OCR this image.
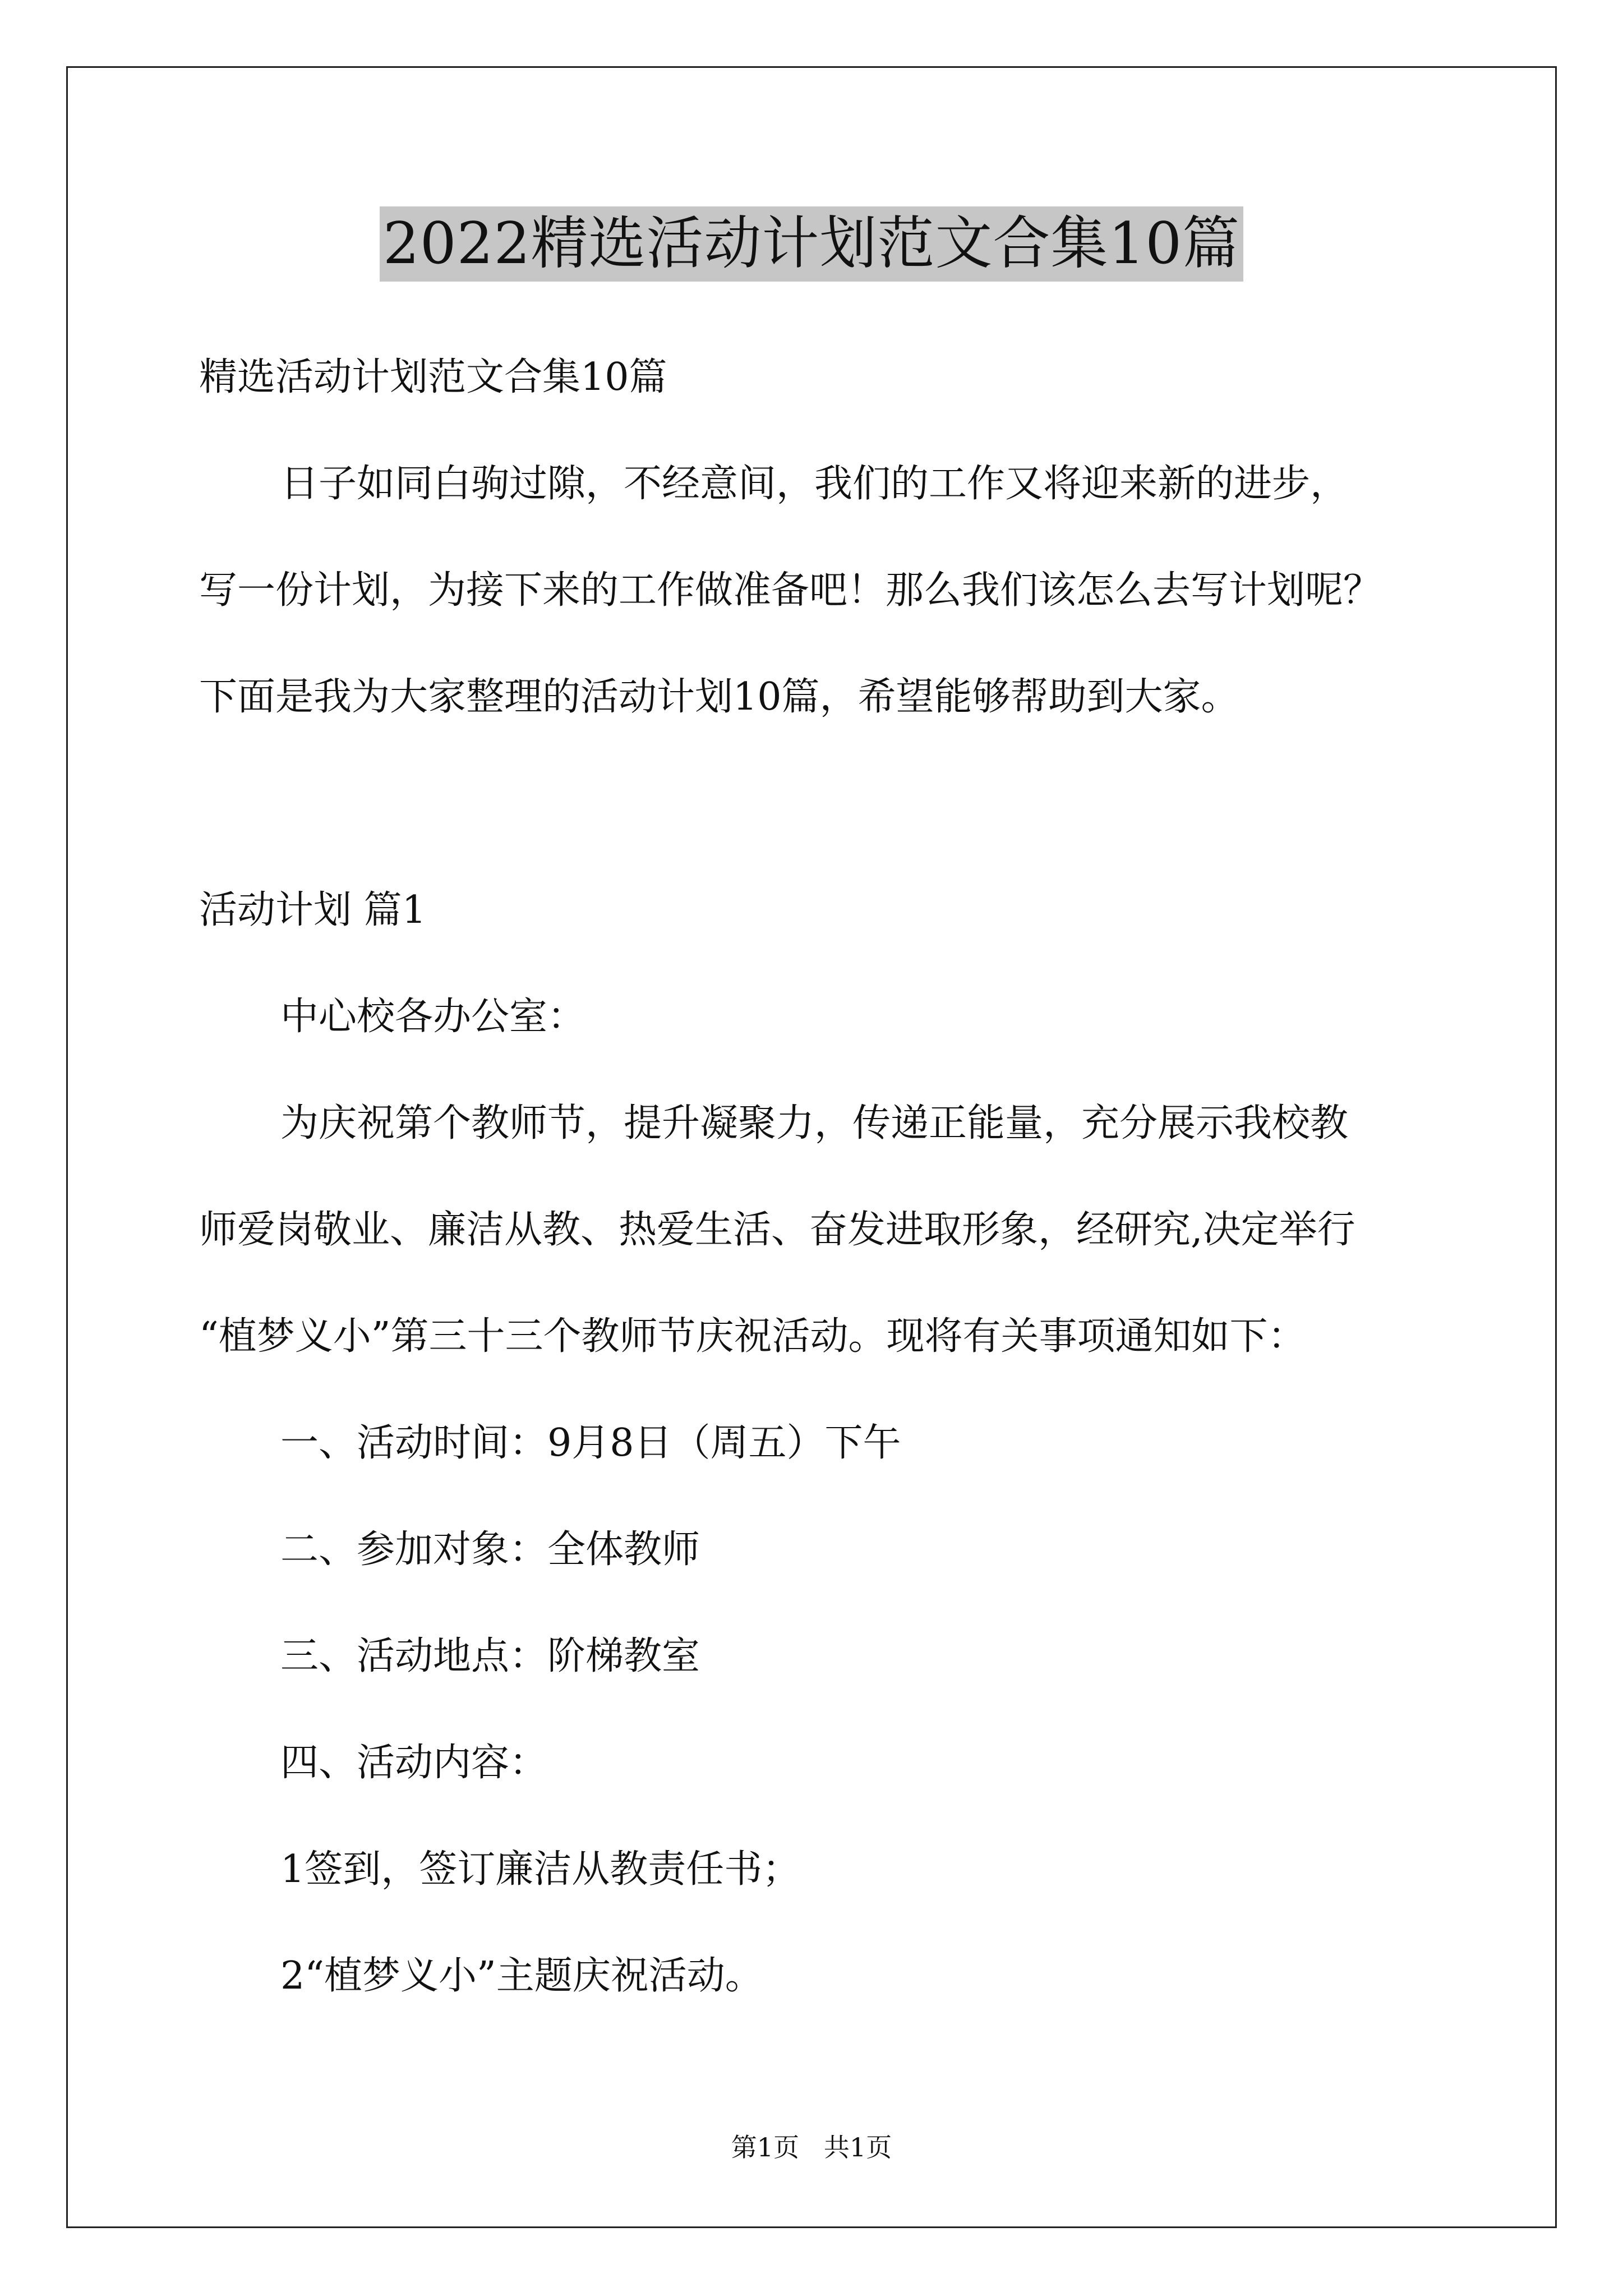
2022精选活动计划范文合集10篇
精选活动计划范文合集10篇
日子如同白驹过隙，不经意间，我们的工作又将迎来新的进步，
写一份计划，为接下来的工作做准备吧！那么我们该怎么去写计划呢？
下面是我为大家整理的活动计划10篇，希望能够帮助到大家。
活动计划 篇1
中心校各办公室：
为庆祝第个教师节，提升凝聚力，传递正能量，充分展示我校教
师爱岗敬业、廉洁从教、热爱生活、奋发进取形象，经研究,决定举行
“植梦义小”第三十三个教师节庆祝活动。现将有关事项通知如下：
一、活动时间：9月8日（周五）下午
二、参加对象：全体教师
三、活动地点：阶梯教室
四、活动内容：
1签到，签订廉洁从教责任书；
2“植梦义小”主题庆祝活动。
第1页   共1页
